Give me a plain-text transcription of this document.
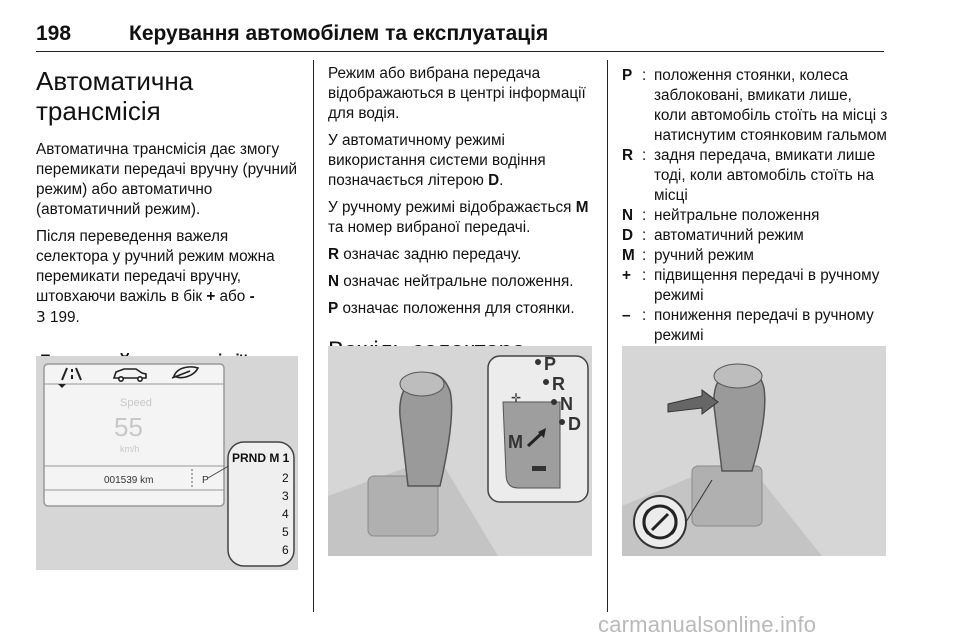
198	Керування автомобілем та експлуатація
Автоматична трансмісія

Автоматична трансмісія дає змогу перемикати передачі вручну (ручний режим) або автоматично (автоматичний режим).

Після переведення важеля селектора у ручний режим можна перемикати передачі вручну, штовхаючи важіль в бік + або -
3 199.

Speed
55
km/h
001539 km	P
PRND M 1
2
3
4
5
6

Режим або вибрана передача відображаються в центрі інформації для водія.

У автоматичному режимі використання системи водіння позначається літерою D.

У ручному режимі відображається M та номер вибраної передачі.

R означає задню передачу.

N означає нейтральне положення.

P означає положення для стоянки.

P
R
N
D
M
✛
P : положення стоянки, колеса заблоковані, вмикати лише, коли автомобіль стоїть на місці з натиснутим стоянковим гальмом
R : задня передача, вмикати лише тоді, коли автомобіль стоїть на місці
N : нейтральне положення
D : автоматичний режим
M : ручний режим
+ : підвищення передачі в ручному режимі
– : пониження передачі в ручному режимі
carmanualsonline.info
